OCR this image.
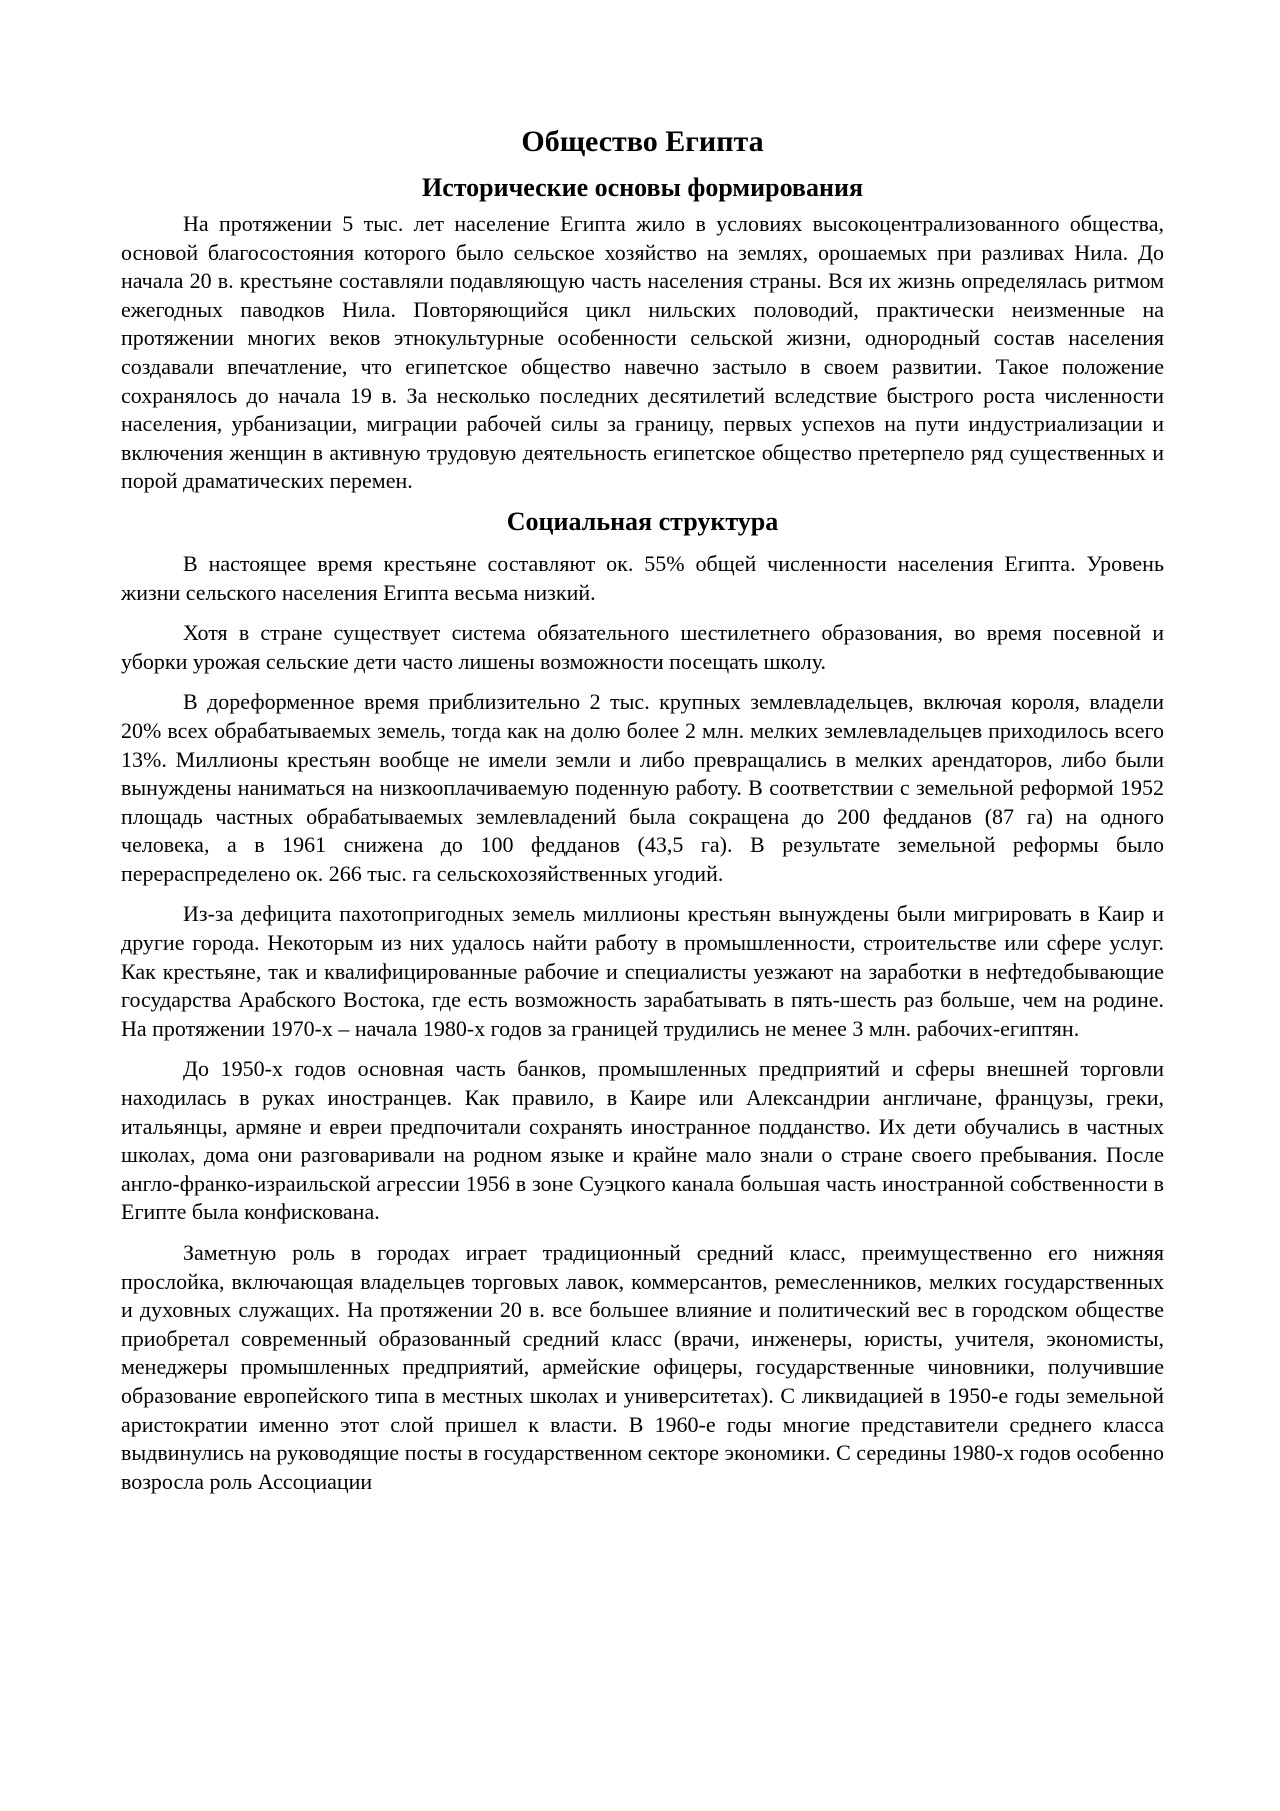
Общество Египта
Исторические основы формирования

На протяжении 5 тыс. лет население Египта жило в условиях высокоцентрализованного общества, основой благосостояния которого было сельское хозяйство на землях, орошаемых при разливах Нила. До начала 20 в. крестьяне составляли подавляющую часть населения страны. Вся их жизнь определялась ритмом ежегодных паводков Нила. Повторяющийся цикл нильских половодий, практически неизменные на протяжении многих веков этнокультурные особенности сельской жизни, однородный состав населения создавали впечатление, что египетское общество навечно застыло в своем развитии. Такое положение сохранялось до начала 19 в. За несколько последних десятилетий вследствие быстрого роста численности населения, урбанизации, миграции рабочей силы за границу, первых успехов на пути индустриализации и включения женщин в активную трудовую деятельность египетское общество претерпело ряд существенных и порой драматических перемен.

Социальная структура

В настоящее время крестьяне составляют ок. 55% общей численности населения Египта. Уровень жизни сельского населения Египта весьма низкий.

Хотя в стране существует система обязательного шестилетнего образования, во время посевной и уборки урожая сельские дети часто лишены возможности посещать школу.

В дореформенное время приблизительно 2 тыс. крупных землевладельцев, включая короля, владели 20% всех обрабатываемых земель, тогда как на долю более 2 млн. мелких землевладельцев приходилось всего 13%. Миллионы крестьян вообще не имели земли и либо превращались в мелких арендаторов, либо были вынуждены наниматься на низкооплачиваемую поденную работу. В соответствии с земельной реформой 1952 площадь частных обрабатываемых землевладений была сокращена до 200 федданов (87 га) на одного человека, а в 1961 снижена до 100 федданов (43,5 га). В результате земельной реформы было перераспределено ок. 266 тыс. га сельскохозяйственных угодий.

Из-за дефицита пахотопригодных земель миллионы крестьян вынуждены были мигрировать в Каир и другие города. Некоторым из них удалось найти работу в промышленности, строительстве или сфере услуг. Как крестьяне, так и квалифицированные рабочие и специалисты уезжают на заработки в нефтедобывающие государства Арабского Востока, где есть возможность зарабатывать в пять-шесть раз больше, чем на родине. На протяжении 1970-х – начала 1980-х годов за границей трудились не менее 3 млн. рабочих-египтян.

До 1950-х годов основная часть банков, промышленных предприятий и сферы внешней торговли находилась в руках иностранцев. Как правило, в Каире или Александрии англичане, французы, греки, итальянцы, армяне и евреи предпочитали сохранять иностранное подданство. Их дети обучались в частных школах, дома они разговаривали на родном языке и крайне мало знали о стране своего пребывания. После англо-франко-израильской агрессии 1956 в зоне Суэцкого канала большая часть иностранной собственности в Египте была конфискована.

Заметную роль в городах играет традиционный средний класс, преимущественно его нижняя прослойка, включающая владельцев торговых лавок, коммерсантов, ремесленников, мелких государственных и духовных служащих. На протяжении 20 в. все большее влияние и политический вес в городском обществе приобретал современный образованный средний класс (врачи, инженеры, юристы, учителя, экономисты, менеджеры промышленных предприятий, армейские офицеры, государственные чиновники, получившие образование европейского типа в местных школах и университетах). С ликвидацией в 1950-е годы земельной аристократии именно этот слой пришел к власти. В 1960-е годы многие представители среднего класса выдвинулись на руководящие посты в государственном секторе экономики. С середины 1980-х годов особенно возросла роль Ассоциации
